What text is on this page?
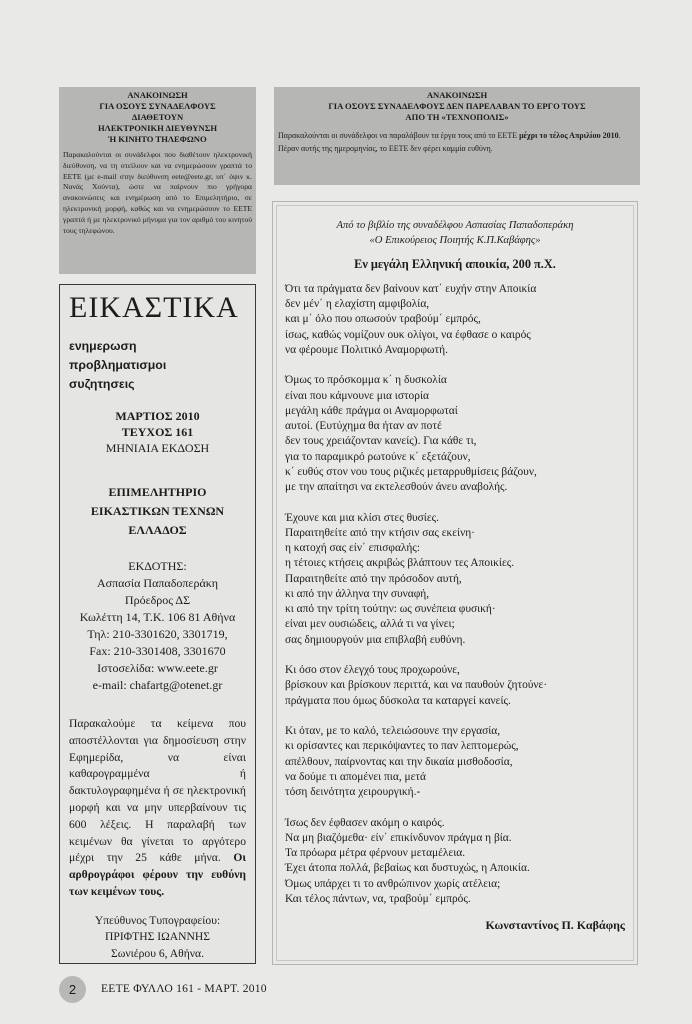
ΑΝΑΚΟΙΝΩΣΗ
ΓΙΑ ΟΣΟΥΣ ΣΥΝΑΔΕΛΦΟΥΣ
ΔΙΑΘΕΤΟΥΝ
ΗΛΕΚΤΡΟΝΙΚΗ ΔΙΕΥΘΥΝΣΗ
Ή ΚΙΝΗΤΟ ΤΗΛΕΦΩΝΟ
Παρακαλούνται οι συνάδελφοι που διαθέτουν ηλεκτρονική διεύθυνση, να τη στείλουν και να ενημερώσουν γραπτά το ΕΕΤΕ (με e-mail στην διεύθυνση eete@eete.gr, υπ΄ όψιν κ. Νανάς Χούντα), ώστε να παίρνουν πιο γρήγορα ανακοινώσεις και ενημέρωση από το Επιμελητήριο, σε ηλεκτρονική μορφή, καθώς και να ενημερώσουν το ΕΕΤΕ γραπτά ή με ηλεκτρονικό μήνυμα για τον αριθμό του κινητού τους τηλεφώνου.
ΑΝΑΚΟΙΝΩΣΗ
ΓΙΑ ΟΣΟΥΣ ΣΥΝΑΔΕΛΦΟΥΣ ΔΕΝ ΠΑΡΕΛΑΒΑΝ ΤΟ ΕΡΓΟ ΤΟΥΣ
ΑΠΟ ΤΗ «ΤΕΧΝΟΠΟΛΙΣ»
Παρακαλούνται οι συνάδελφοι να παραλάβουν τα έργα τους από το ΕΕΤΕ μέχρι το τέλος Απριλίου 2010.
Πέραν αυτής της ημερομηνίας, το ΕΕΤΕ δεν φέρει καμμία ευθύνη.
ΕΙΚΑΣΤΙΚΑ
ενημερωση
προβληματισμοι
συζητησεις
ΜΑΡΤΙΟΣ 2010
ΤΕΥΧΟΣ 161
ΜΗΝΙΑΙΑ ΕΚΔΟΣΗ
ΕΠΙΜΕΛΗΤΗΡΙΟ
ΕΙΚΑΣΤΙΚΩΝ ΤΕΧΝΩΝ
ΕΛΛΑΔΟΣ
ΕΚΔΟΤΗΣ:
Ασπασία Παπαδοπεράκη
Πρόεδρος ΔΣ
Κωλέττη 14, Τ.Κ. 106 81 Αθήνα
Τηλ: 210-3301620, 3301719,
Fax: 210-3301408, 3301670
Ιστοσελίδα: www.eete.gr
e-mail: chafartg@otenet.gr
Παρακαλούμε τα κείμενα που αποστέλλονται για δημοσίευση στην Εφημερίδα, να είναι καθαρογραμμένα ή δακτυλογραφημένα ή σε ηλεκτρονική μορφή και να μην υπερβαίνουν τις 600 λέξεις. Η παραλαβή των κειμένων θα γίνεται το αργότερο μέχρι την 25 κάθε μήνα. Οι αρθρογράφοι φέρουν την ευθύνη των κειμένων τους.
Υπεύθυνος Τυπογραφείου:
ΠΡΙΦΤΗΣ ΙΩΑΝΝΗΣ
Σωνιέρου 6, Αθήνα.
Από το βιβλίο της συναδέλφου Ασπασίας Παπαδοπεράκη
«Ο Επικούρειος Ποιητής Κ.Π.Καβάφης»
Εν μεγάλη Ελληνική αποικία, 200 π.Χ.
Ότι τα πράγματα δεν βαίνουν κατ΄ ευχήν στην Αποικία
δεν μέν΄ η ελαχίστη αμφιβολία,
και μ΄ όλο που οπωσούν τραβούμ΄ εμπρός,
ίσως, καθώς νομίζουν ουκ ολίγοι, να έφθασε ο καιρός
να φέρουμε Πολιτικό Αναμορφωτή.
Όμως το πρόσκομμα κ΄ η δυσκολία
είναι που κάμνουνε μια ιστορία
μεγάλη κάθε πράγμα οι Αναμορφωταί
αυτοί. (Ευτύχημα θα ήταν αν ποτέ
δεν τους χρειάζονταν κανείς). Για κάθε τι,
για το παραμικρό ρωτούνε κ΄ εξετάζουν,
κ΄ ευθύς στον νου τους ριζικές μεταρρυθμίσεις βάζουν,
με την απαίτησι να εκτελεσθούν άνευ αναβολής.
Έχουνε και μια κλίσι στες θυσίες.
Παραιτηθείτε από την κτήσιν σας εκείνη·
η κατοχή σας είν΄ επισφαλής:
η τέτοιες κτήσεις ακριβώς βλάπτουν τες Αποικίες.
Παραιτηθείτε από την πρόσοδον αυτή,
κι από την άλληνα την συναφή,
κι από την τρίτη τούτην: ως συνέπεια φυσική·
είναι μεν ουσιώδεις, αλλά τι να γίνει;
σας δημιουργούν μια επιβλαβή ευθύνη.
Κι όσο στον έλεγχό τους προχωρούνε,
βρίσκουν και βρίσκουν περιττά, και να παυθούν ζητούνε·
πράγματα που όμως δύσκολα τα καταργεί κανείς.
Κι όταν, με το καλό, τελειώσουνε την εργασία,
κι ορίσαντες και περικόψαντες το παν λεπτομερώς,
απέλθουν, παίρνοντας και την δικαία μισθοδοσία,
να δούμε τι απομένει πια, μετά
τόση δεινότητα χειρουργική.-
Ίσως δεν έφθασεν ακόμη ο καιρός.
Να μη βιαζόμεθα· είν΄ επικίνδυνον πράγμα η βία.
Τα πρόωρα μέτρα φέρνουν μεταμέλεια.
Έχει άτοπα πολλά, βεβαίως και δυστυχώς, η Αποικία.
Όμως υπάρχει τι το ανθρώπινον χωρίς ατέλεια;
Και τέλος πάντων, να, τραβούμ΄ εμπρός.
Κωνσταντίνος Π. Καβάφης
2	ΕΕΤΕ ΦΥΛΛΟ 161 - ΜΑΡΤ. 2010
